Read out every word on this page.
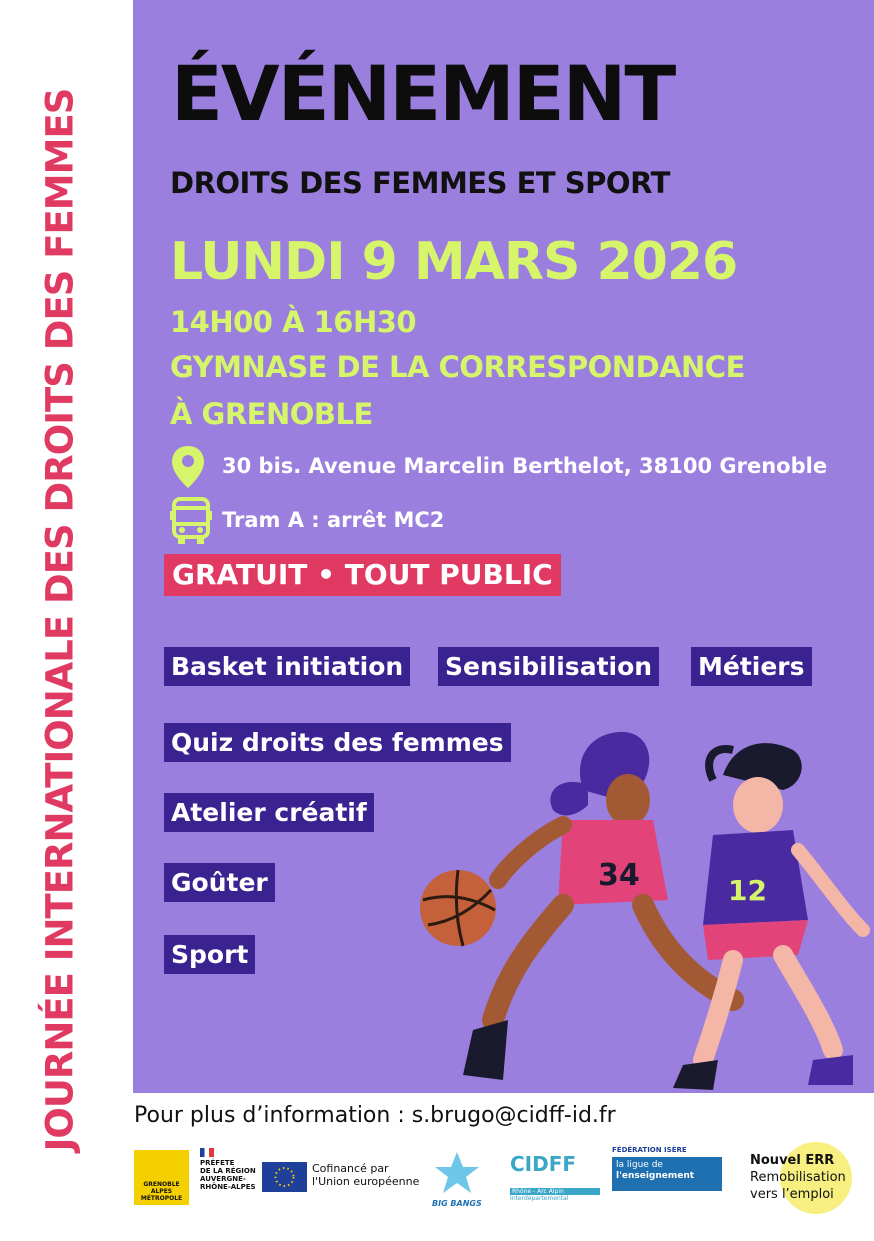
JOURNÉE INTERNATIONALE DES DROITS DES FEMMES ÉVÉNEMENT
DROITS DES FEMMES ET SPORT
LUNDI 9 MARS 2026
14H00 À 16H30
GYMNASE DE LA CORRESPONDANCE
À GRENOBLE
30 bis. Avenue Marcelin Berthelot, 38100 Grenoble
Tram A : arrêt MC2
GRATUIT • TOUT PUBLIC
Basket initiation Sensibilisation Métiers
Quiz droits des femmes
Atelier créatif
Goûter
Sport
34	12
Pour plus d’information : s.brugo@cidff-id.fr
GRENOBLE ALPES MÉTROPOLE
PRÉFETE
DE LA RÉGION
AUVERGNE-
RHÔNE-ALPES
Cofinancé par
l'Union européenne
BIG BANGS
CIDFF
Rhône - Arc Alpin
Interdépartemental
FÉDÉRATION ISÈRE
la ligue de
l'enseignement
Nouvel ERR
Remobilisation
vers l’emploi
